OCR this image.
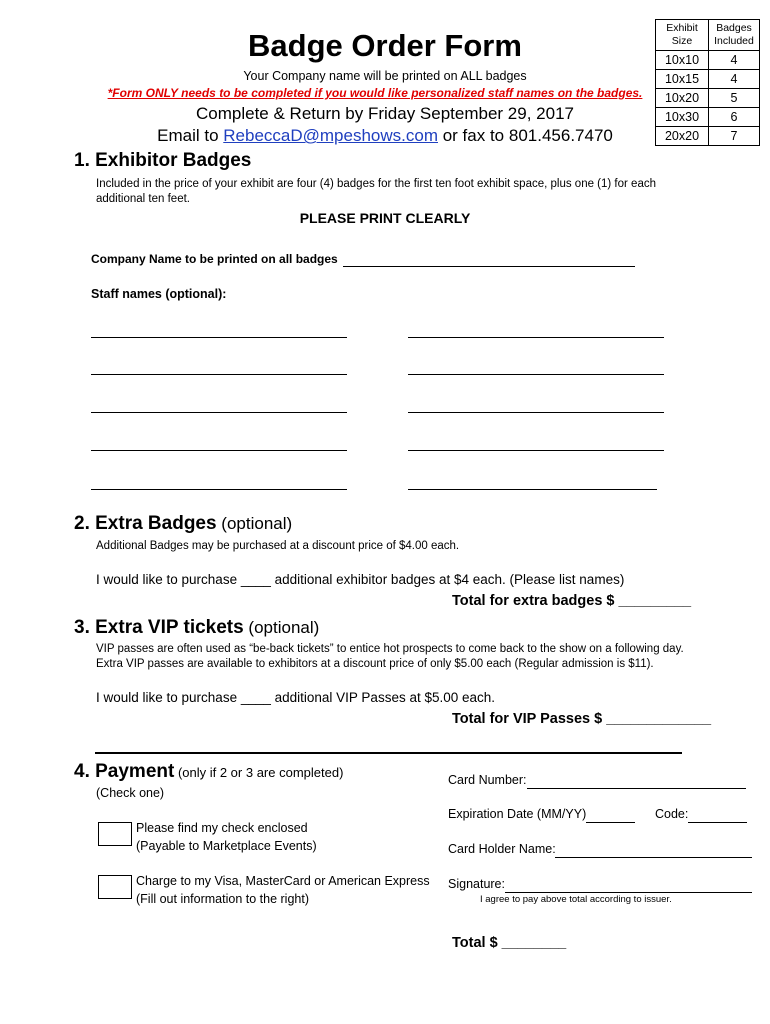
Badge Order Form
Your Company name will be printed on ALL badges
*Form ONLY needs to be completed if you would like personalized staff names on the badges.
Complete & Return by Friday September 29, 2017
Email to RebeccaD@mpeshows.com or fax to 801.456.7470
Exhibit Size	Badges Included
10x10	4
10x15	4
10x20	5
10x30	6
20x20	7
1. Exhibitor Badges
Included in the price of your exhibit are four (4) badges for the first ten foot exhibit space, plus one (1) for each additional ten feet.
PLEASE PRINT CLEARLY
Company Name to be printed on all badges
Staff names (optional):
2. Extra Badges (optional)
Additional Badges may be purchased at a discount price of $4.00 each.
I would like to purchase ____ additional exhibitor badges at $4 each. (Please list names)
Total for extra badges $ _________
3. Extra VIP tickets (optional)
VIP passes are often used as “be-back tickets” to entice hot prospects to come back to the show on a following day. Extra VIP passes are available to exhibitors at a discount price of only $5.00 each (Regular admission is $11).
I would like to purchase ____ additional VIP Passes at $5.00 each.
Total for VIP Passes $ _____________
4. Payment (only if 2 or 3 are completed)
(Check one)
Please find my check enclosed
(Payable to Marketplace Events)
Charge to my Visa, MasterCard or American Express
(Fill out information to the right)
Card Number:
Expiration Date (MM/YY)	Code:
Card Holder Name:
Signature:
I agree to pay above total according to issuer.
Total $ ________
